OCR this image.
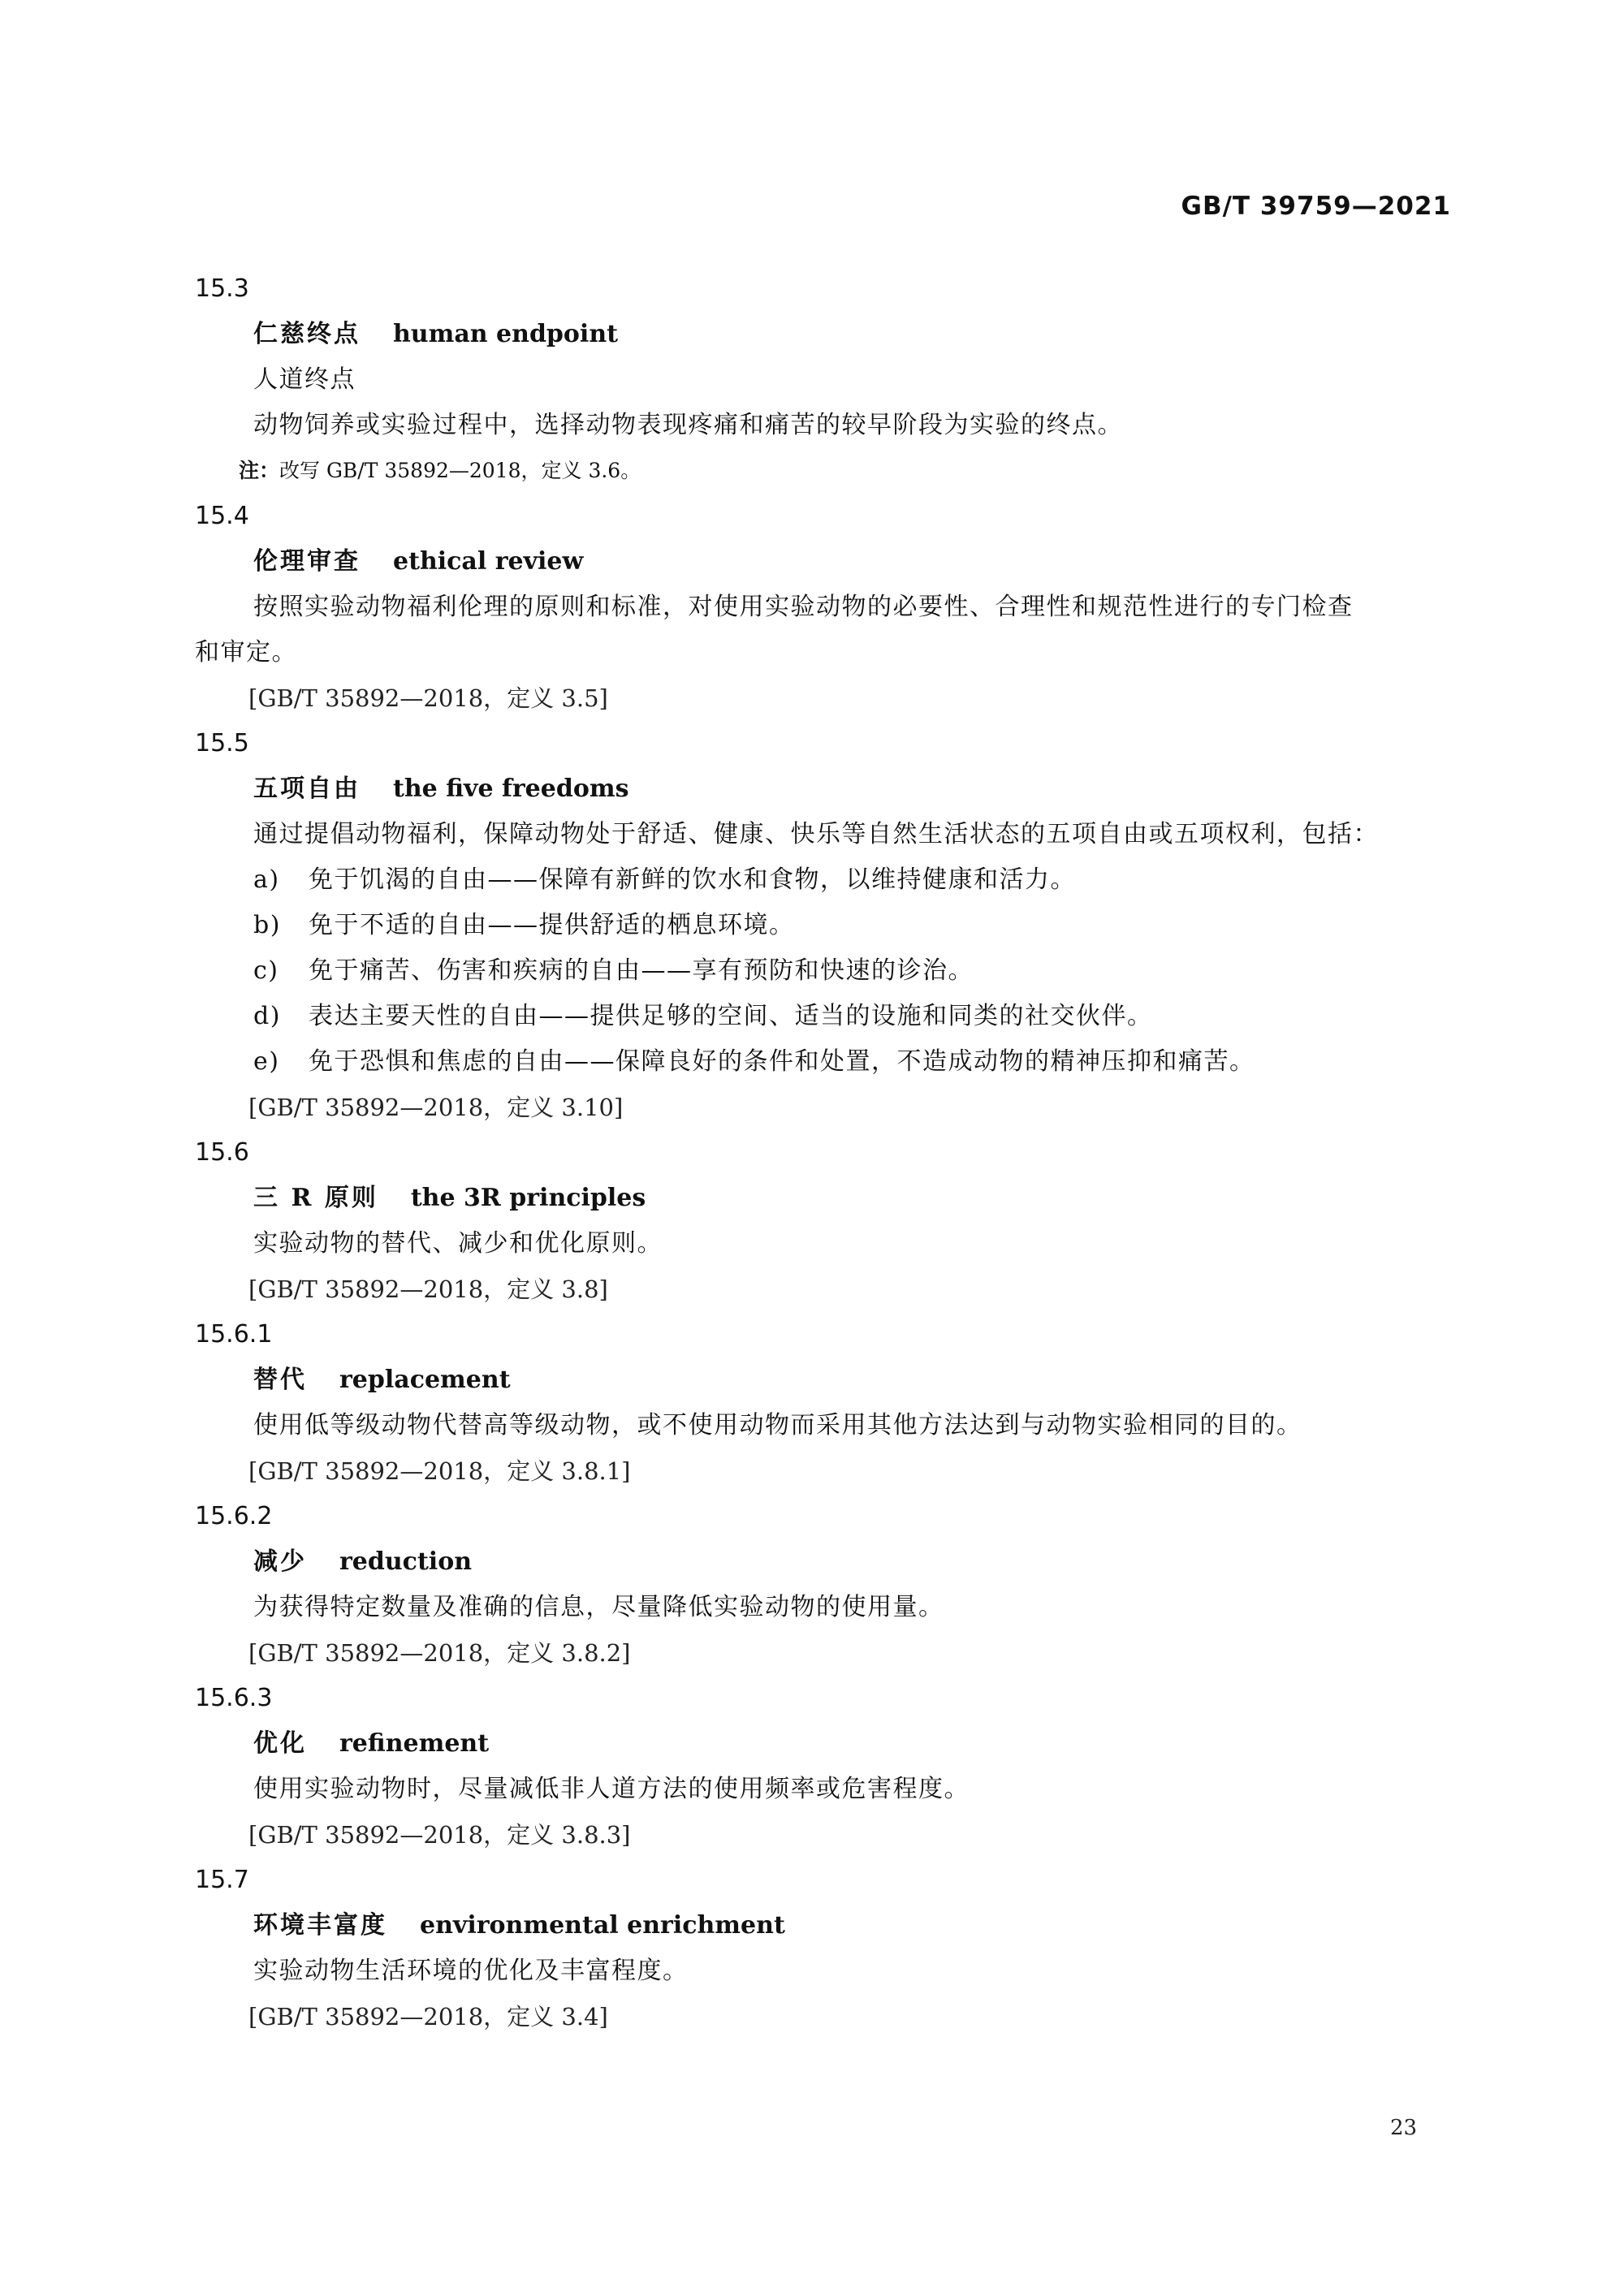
GB/T 39759—2021
15.3
仁慈终点 human endpoint
人道终点
动物饲养或实验过程中，选择动物表现疼痛和痛苦的较早阶段为实验的终点。
注：改写 GB/T 35892—2018，定义 3.6。
15.4
伦理审查 ethical review
按照实验动物福利伦理的原则和标准，对使用实验动物的必要性、合理性和规范性进行的专门检查
和审定。
[GB/T 35892—2018，定义 3.5]
15.5
五项自由 the five freedoms
通过提倡动物福利，保障动物处于舒适、健康、快乐等自然生活状态的五项自由或五项权利，包括：
a) 免于饥渴的自由——保障有新鲜的饮水和食物，以维持健康和活力。
b) 免于不适的自由——提供舒适的栖息环境。
c) 免于痛苦、伤害和疾病的自由——享有预防和快速的诊治。
d) 表达主要天性的自由——提供足够的空间、适当的设施和同类的社交伙伴。
e) 免于恐惧和焦虑的自由——保障良好的条件和处置，不造成动物的精神压抑和痛苦。
[GB/T 35892—2018，定义 3.10]
15.6
三 R 原则 the 3R principles
实验动物的替代、减少和优化原则。
[GB/T 35892—2018，定义 3.8]
15.6.1
替代 replacement
使用低等级动物代替高等级动物，或不使用动物而采用其他方法达到与动物实验相同的目的。
[GB/T 35892—2018，定义 3.8.1]
15.6.2
减少 reduction
为获得特定数量及准确的信息，尽量降低实验动物的使用量。
[GB/T 35892—2018，定义 3.8.2]
15.6.3
优化 refinement
使用实验动物时，尽量减低非人道方法的使用频率或危害程度。
[GB/T 35892—2018，定义 3.8.3]
15.7
环境丰富度 environmental enrichment
实验动物生活环境的优化及丰富程度。
[GB/T 35892—2018，定义 3.4]
23
